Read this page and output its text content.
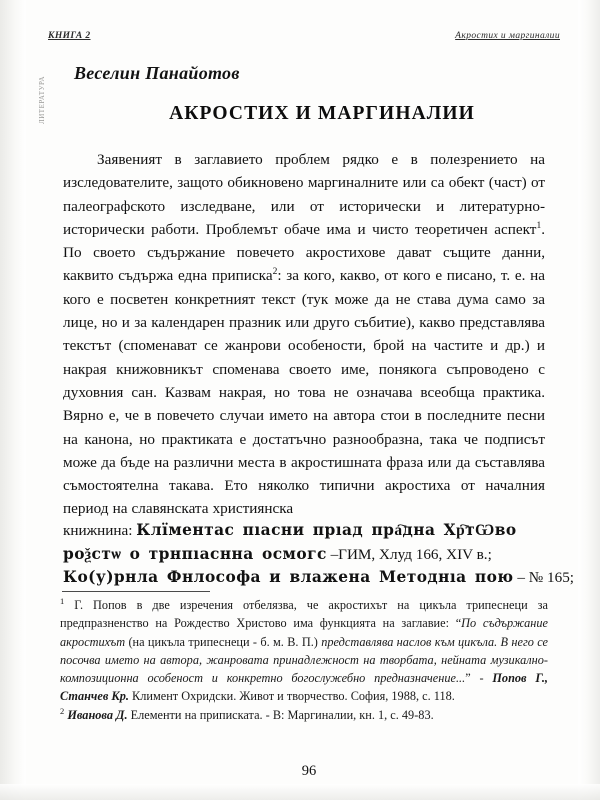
ЛИТЕРАТУРА
КНИГА 2	Акростих и маргиналии
Веселин Панайотов
АКРОСТИХ И МАРГИНАЛИИ

Заявеният в заглавието проблем рядко е в полезрението на изследователите, защото обикновено маргиналните или са обект (част) от палеографското изследване, или от исторически и литературно-исторически работи. Проблемът обаче има и чисто теоретичен аспект$^1$. По своето съдържание повечето акростихове дават същите данни, каквито съдържа една приписка$^2$: за кого, какво, от кого е писано, т. е. на кого е посветен конкретният текст (тук може да не става дума само за лице, но и за календарен празник или друго събитие), какво представлява текстът (споменават се жанрови особености, брой на частите и др.) и накрая книжовникът споменава своето име, понякога съпроводено с духовния сан. Казвам накрая, но това не означава всеобща практика. Вярно е, че в повечето случаи името на автора стои в последните песни на канона, но практиката е достатъчно разнообразна, така че подписът може да бъде на различни места в акростишната фраза или да съставлява съмостоятелна такава. Ето няколко типични акростиха от началния период на славянската християнска

книжнина: Клїментас пıасни прıад пра҇дна Хр҇тѠво
роѯстѡ о трнпıасннa осмогс –ГИМ, Хлуд 166, XIV в.;
Ко(у)рнла Фнлософа и влажена Методнıа пою – № 165;

$^1$ Г. Попов в две изречения отбелязва, че акростихът на цикъла трипеснеци за предпразненство на Рождество Христово има функцията на заглавие: “По съдържание акростихът (на цикъла трипеснеци - б. м. В. П.) представлява наслов към цикъла. В него се посочва името на автора, жанровата принадлежност на творбата, нейната музикално-композиционна особеност и конкретно богослужебно предназначение...” - Попов Г., Станчев Кр. Климент Охридски. Живот и творчество. София, 1988, с. 118.

$^2$ Иванова Д. Елементи на приписката. - В: Маргиналии, кн. 1, с. 49-83.

96
